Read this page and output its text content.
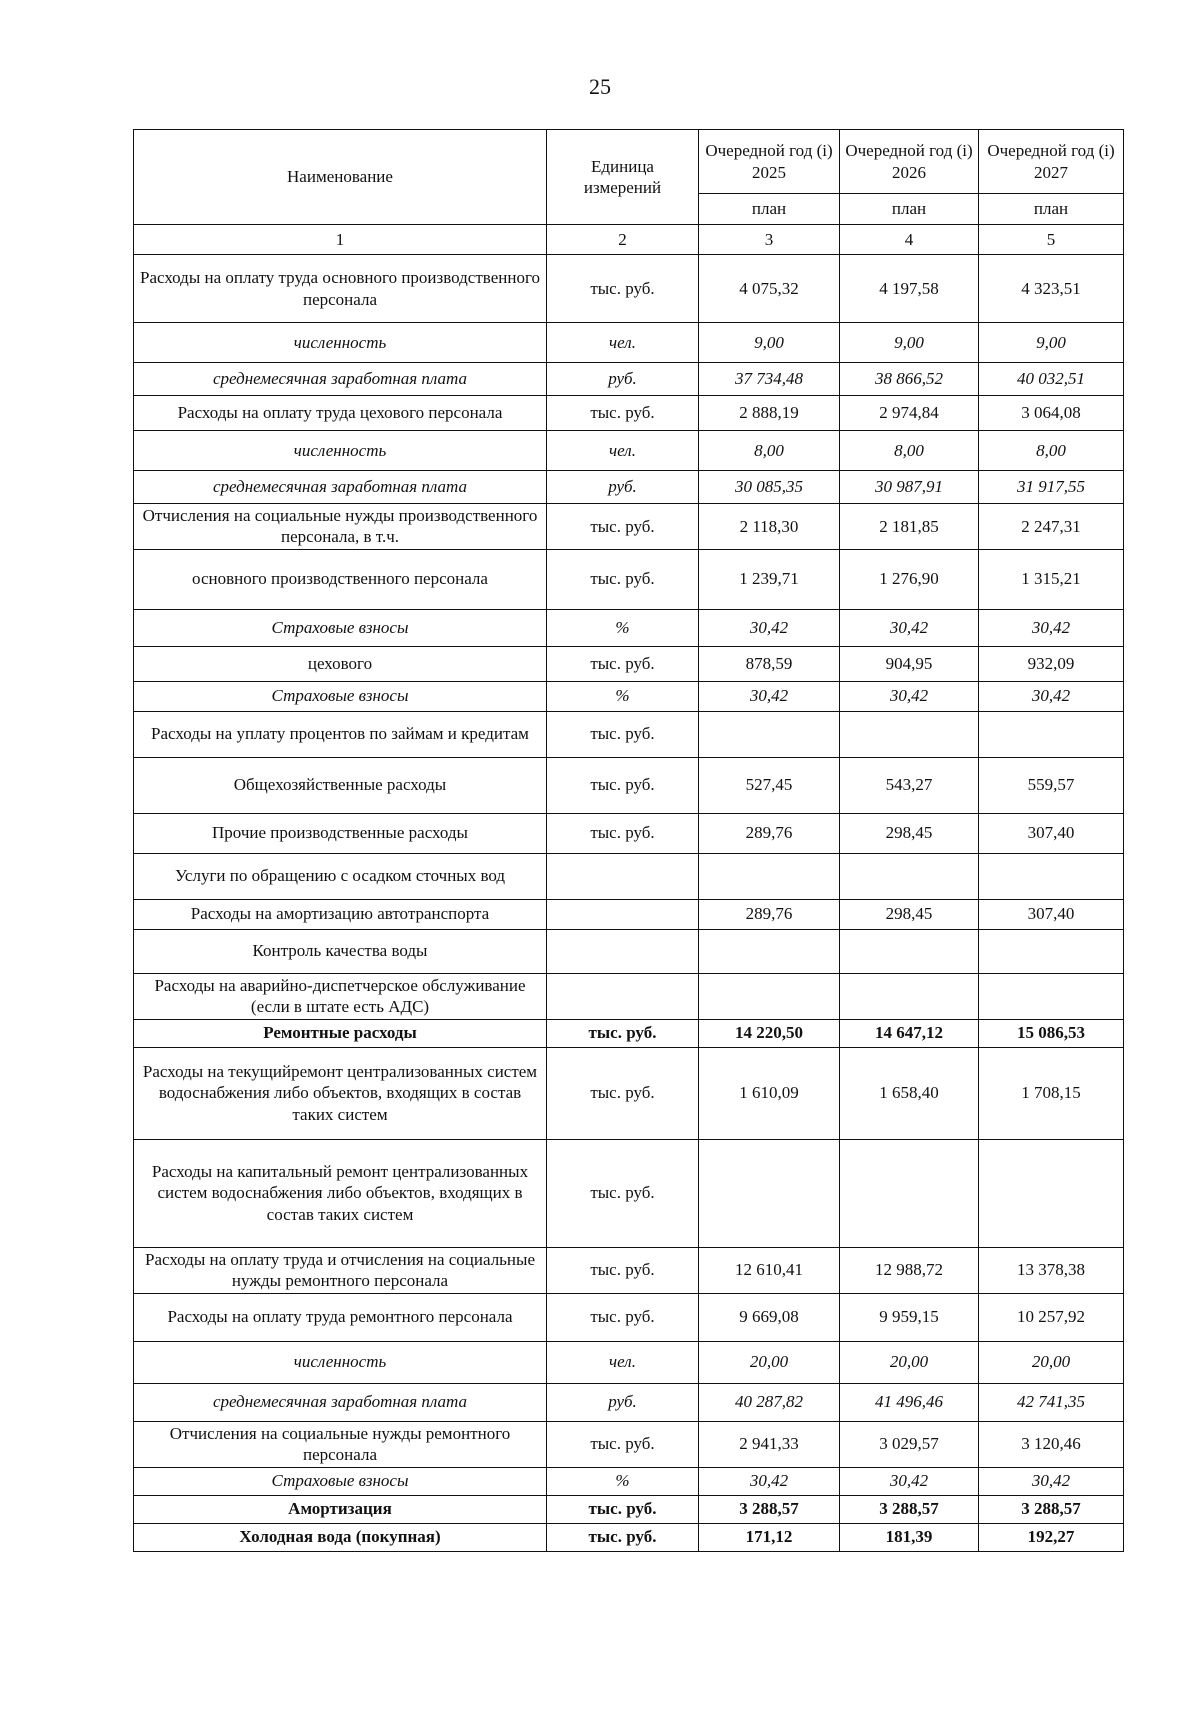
25
Наименование	Единица измерений	Очередной год (i) 2025	Очередной год (i) 2026	Очередной год (i) 2027
		план	план	план
1	2	3	4	5
Расходы на оплату труда основного производственного персонала	тыс. руб.	4 075,32	4 197,58	4 323,51
численность	чел.	9,00	9,00	9,00
среднемесячная заработная плата	руб.	37 734,48	38 866,52	40 032,51
Расходы на оплату труда цехового персонала	тыс. руб.	2 888,19	2 974,84	3 064,08
численность	чел.	8,00	8,00	8,00
среднемесячная заработная плата	руб.	30 085,35	30 987,91	31 917,55
Отчисления на социальные нужды производственного персонала, в т.ч.	тыс. руб.	2 118,30	2 181,85	2 247,31
основного производственного персонала	тыс. руб.	1 239,71	1 276,90	1 315,21
Страховые взносы	%	30,42	30,42	30,42
цехового	тыс. руб.	878,59	904,95	932,09
Страховые взносы	%	30,42	30,42	30,42
Расходы на уплату процентов по займам и кредитам	тыс. руб.			
Общехозяйственные расходы	тыс. руб.	527,45	543,27	559,57
Прочие производственные расходы	тыс. руб.	289,76	298,45	307,40
Услуги по обращению с осадком сточных вод				
Расходы на амортизацию автотранспорта		289,76	298,45	307,40
Контроль качества воды				
Расходы на аварийно-диспетчерское обслуживание (если в штате есть АДС)				
Ремонтные расходы	тыс. руб.	14 220,50	14 647,12	15 086,53
Расходы на текущийремонт централизованных систем водоснабжения либо объектов, входящих в состав таких систем	тыс. руб.	1 610,09	1 658,40	1 708,15
Расходы на капитальный ремонт централизованных систем водоснабжения либо объектов, входящих в состав таких систем	тыс. руб.			
Расходы на оплату труда и отчисления на социальные нужды ремонтного персонала	тыс. руб.	12 610,41	12 988,72	13 378,38
Расходы на оплату труда ремонтного персонала	тыс. руб.	9 669,08	9 959,15	10 257,92
численность	чел.	20,00	20,00	20,00
среднемесячная заработная плата	руб.	40 287,82	41 496,46	42 741,35
Отчисления на социальные нужды ремонтного персонала	тыс. руб.	2 941,33	3 029,57	3 120,46
Страховые взносы	%	30,42	30,42	30,42
Амортизация	тыс. руб.	3 288,57	3 288,57	3 288,57
Холодная вода (покупная)	тыс. руб.	171,12	181,39	192,27
